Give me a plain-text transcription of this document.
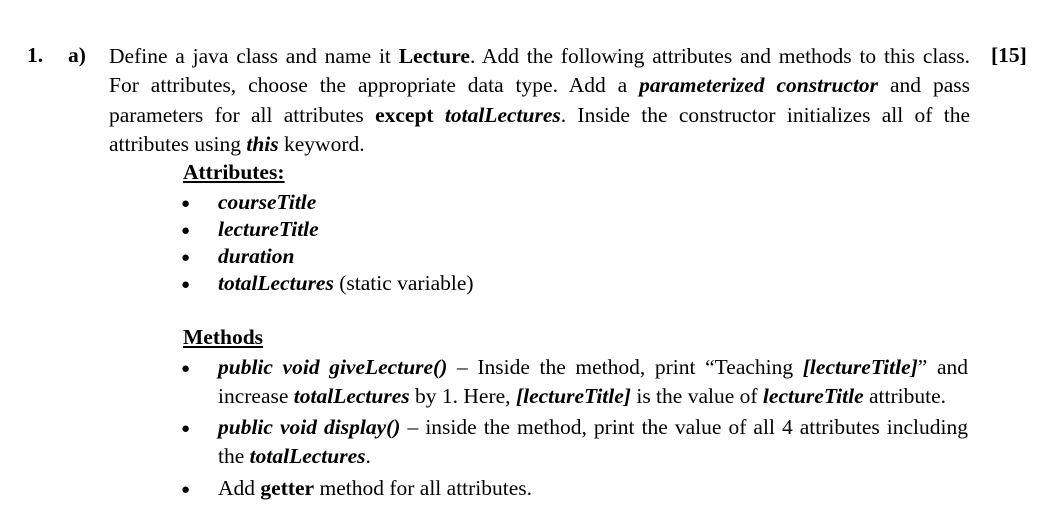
1. a)	[15]
Define a java class and name it Lecture. Add the following attributes and methods to this class.
For attributes, choose the appropriate data type. Add a parameterized constructor and pass
parameters for all attributes except totalLectures. Inside the constructor initializes all of the
attributes using this keyword.
Attributes:
● courseTitle
● lectureTitle
● duration
● totalLectures (static variable)
Methods
● public void giveLecture() – Inside the method, print “Teaching [lectureTitle]” and
increase totalLectures by 1. Here, [lectureTitle] is the value of lectureTitle attribute.
● public void display() – inside the method, print the value of all 4 attributes including
the totalLectures.
● Add getter method for all attributes.
